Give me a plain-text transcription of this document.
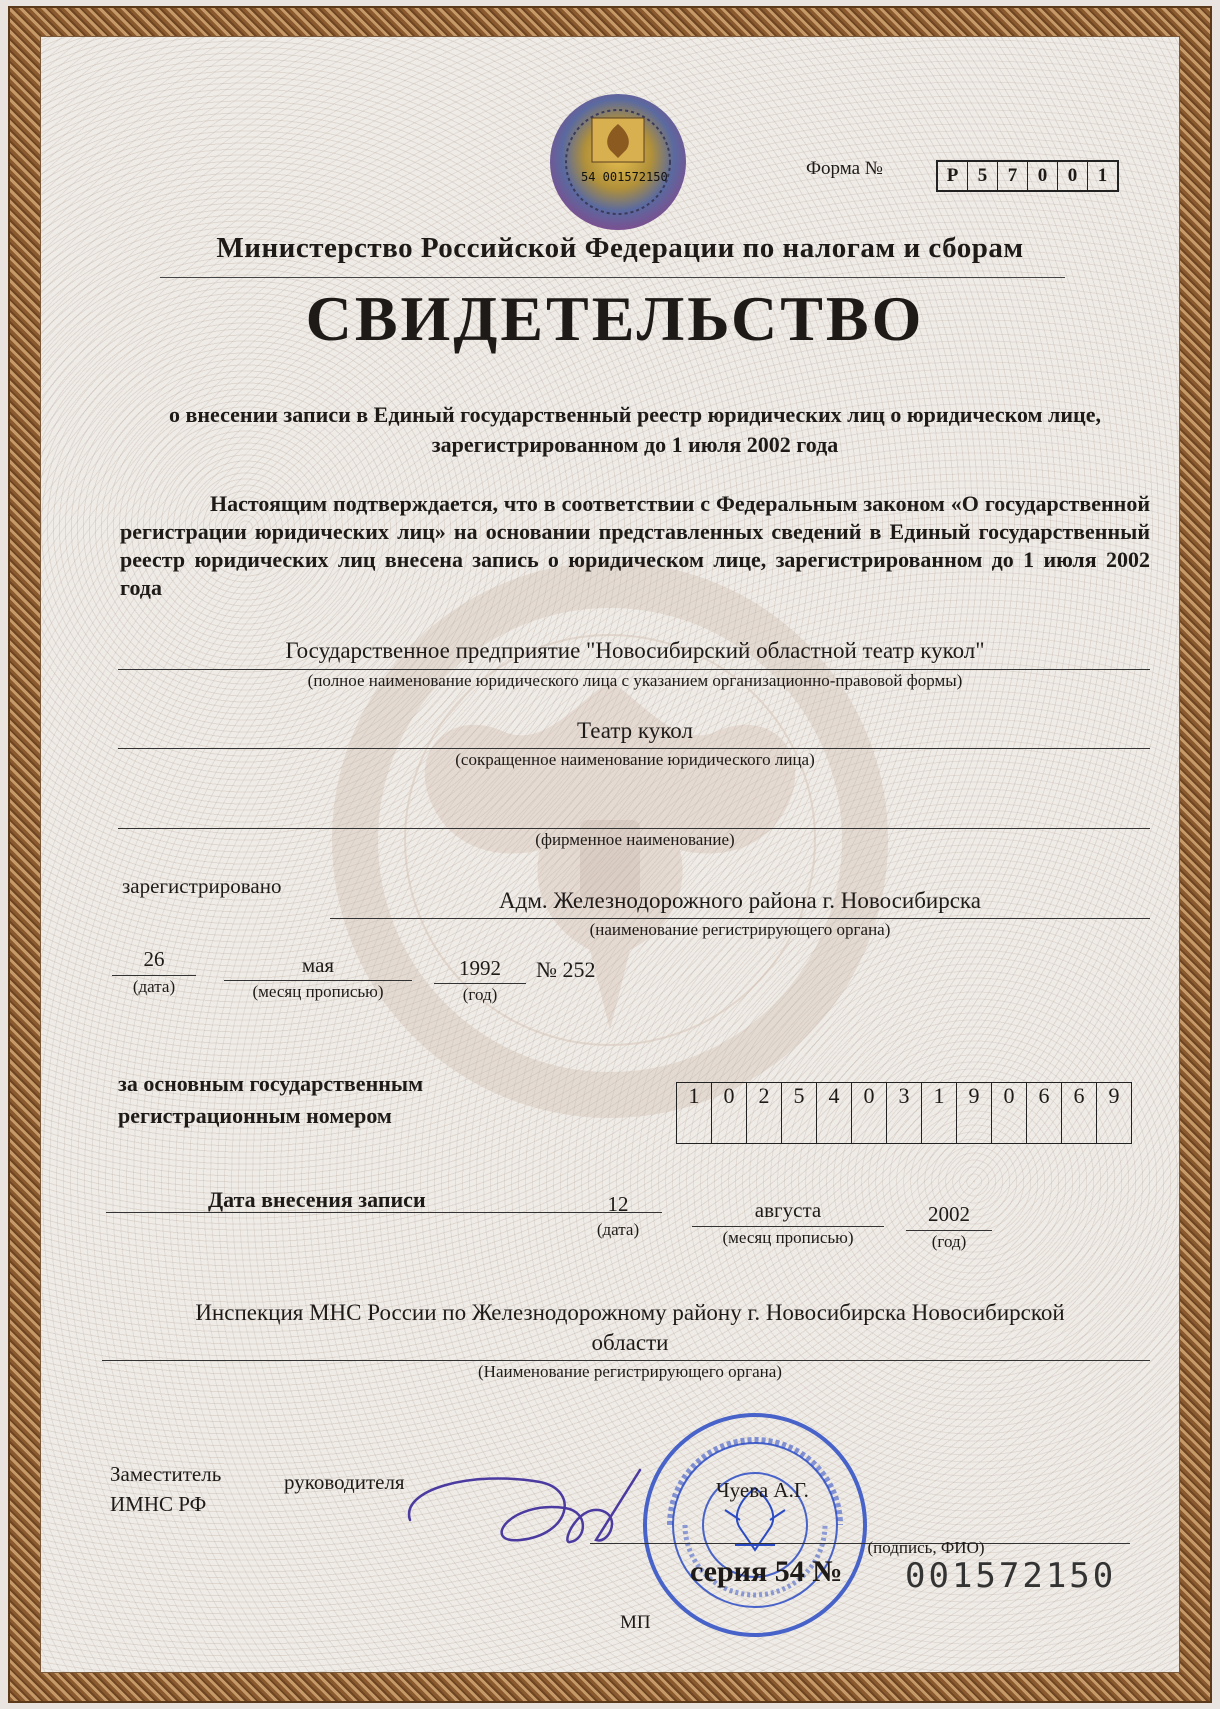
54 001572150	Форма №	Р	5	7	0	0	1
Министерство Российской Федерации по налогам и сборам
СВИДЕТЕЛЬСТВО
о внесении записи в Единый государственный реестр юридических лиц о юридическом лице, зарегистрированном до 1 июля 2002 года
Настоящим подтверждается, что в соответствии с Федеральным законом «О государственной регистрации юридических лиц» на основании представленных сведений в Единый государственный реестр юридических лиц внесена запись о юридическом лице, зарегистрированном до 1 июля 2002 года
Государственное предприятие "Новосибирский областной театр кукол"
(полное наименование юридического лица с указанием организационно-правовой формы)
Театр кукол
(сокращенное наименование юридического лица)
(фирменное наименование)
зарегистрировано
Адм. Железнодорожного района г. Новосибирска
(наименование регистрирующего органа)
26
(дата)
мая
(месяц прописью)
1992
(год)
№ 252
за основным государственным
регистрационным номером
1	0	2	5	4	0	3	1	9	0	6	6	9
Дата внесения записи	12
(дата)
августа
(месяц прописью)
2002
(год)
Инспекция МНС России по Железнодорожному району г. Новосибирска Новосибирской
области
(Наименование регистрирующего органа)
Заместитель	руководителя
ИМНС РФ
Чуева А.Г.
(подпись, ФИО)
серия 54 № 001572150
МП
